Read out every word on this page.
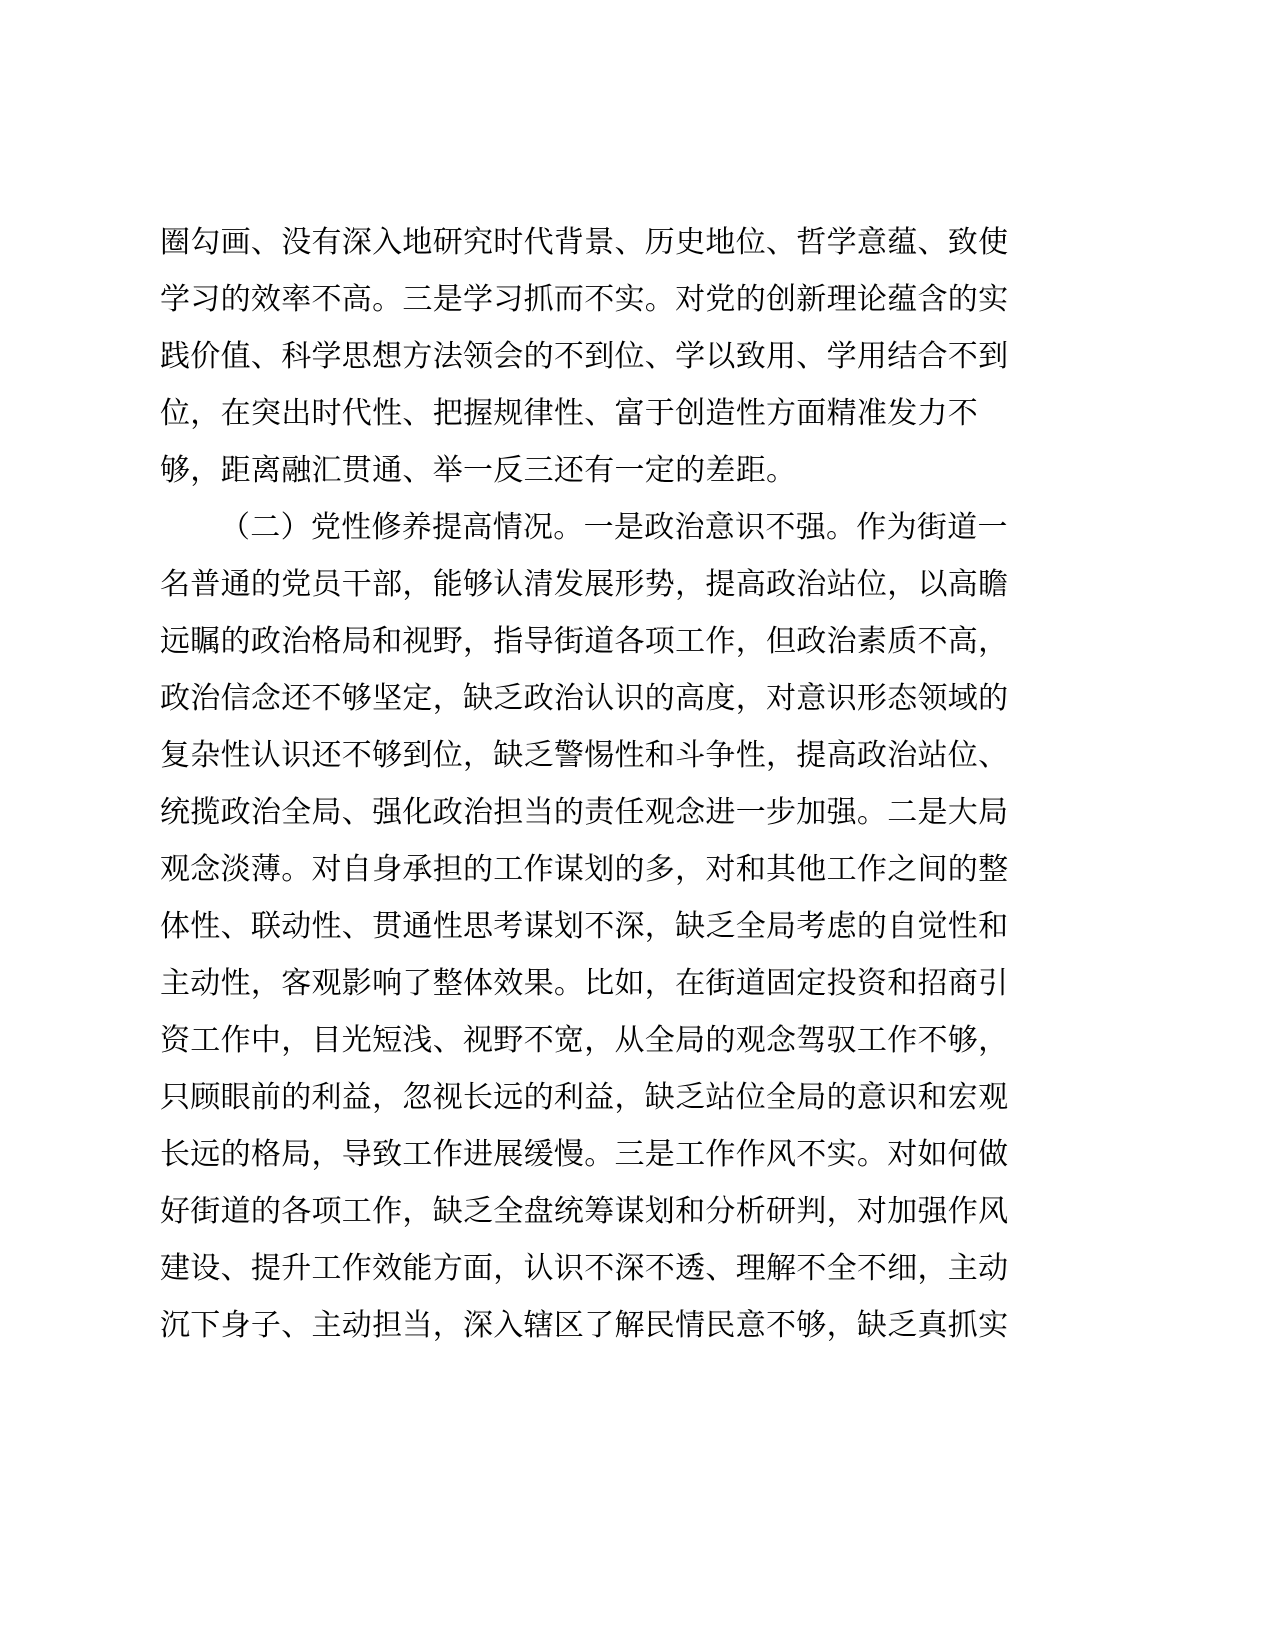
圈勾画、没有深入地研究时代背景、历史地位、哲学意蕴、致使
学习的效率不高。三是学习抓而不实。对党的创新理论蕴含的实
践价值、科学思想方法领会的不到位、学以致用、学用结合不到
位，在突出时代性、把握规律性、富于创造性方面精准发力不
够，距离融汇贯通、举一反三还有一定的差距。
（二）党性修养提高情况。一是政治意识不强。作为街道一
名普通的党员干部，能够认清发展形势，提高政治站位，以高瞻
远瞩的政治格局和视野，指导街道各项工作，但政治素质不高，
政治信念还不够坚定，缺乏政治认识的高度，对意识形态领域的
复杂性认识还不够到位，缺乏警惕性和斗争性，提高政治站位、
统揽政治全局、强化政治担当的责任观念进一步加强。二是大局
观念淡薄。对自身承担的工作谋划的多，对和其他工作之间的整
体性、联动性、贯通性思考谋划不深，缺乏全局考虑的自觉性和
主动性，客观影响了整体效果。比如，在街道固定投资和招商引
资工作中，目光短浅、视野不宽，从全局的观念驾驭工作不够，
只顾眼前的利益，忽视长远的利益，缺乏站位全局的意识和宏观
长远的格局，导致工作进展缓慢。三是工作作风不实。对如何做
好街道的各项工作，缺乏全盘统筹谋划和分析研判，对加强作风
建设、提升工作效能方面，认识不深不透、理解不全不细，主动
沉下身子、主动担当，深入辖区了解民情民意不够，缺乏真抓实
